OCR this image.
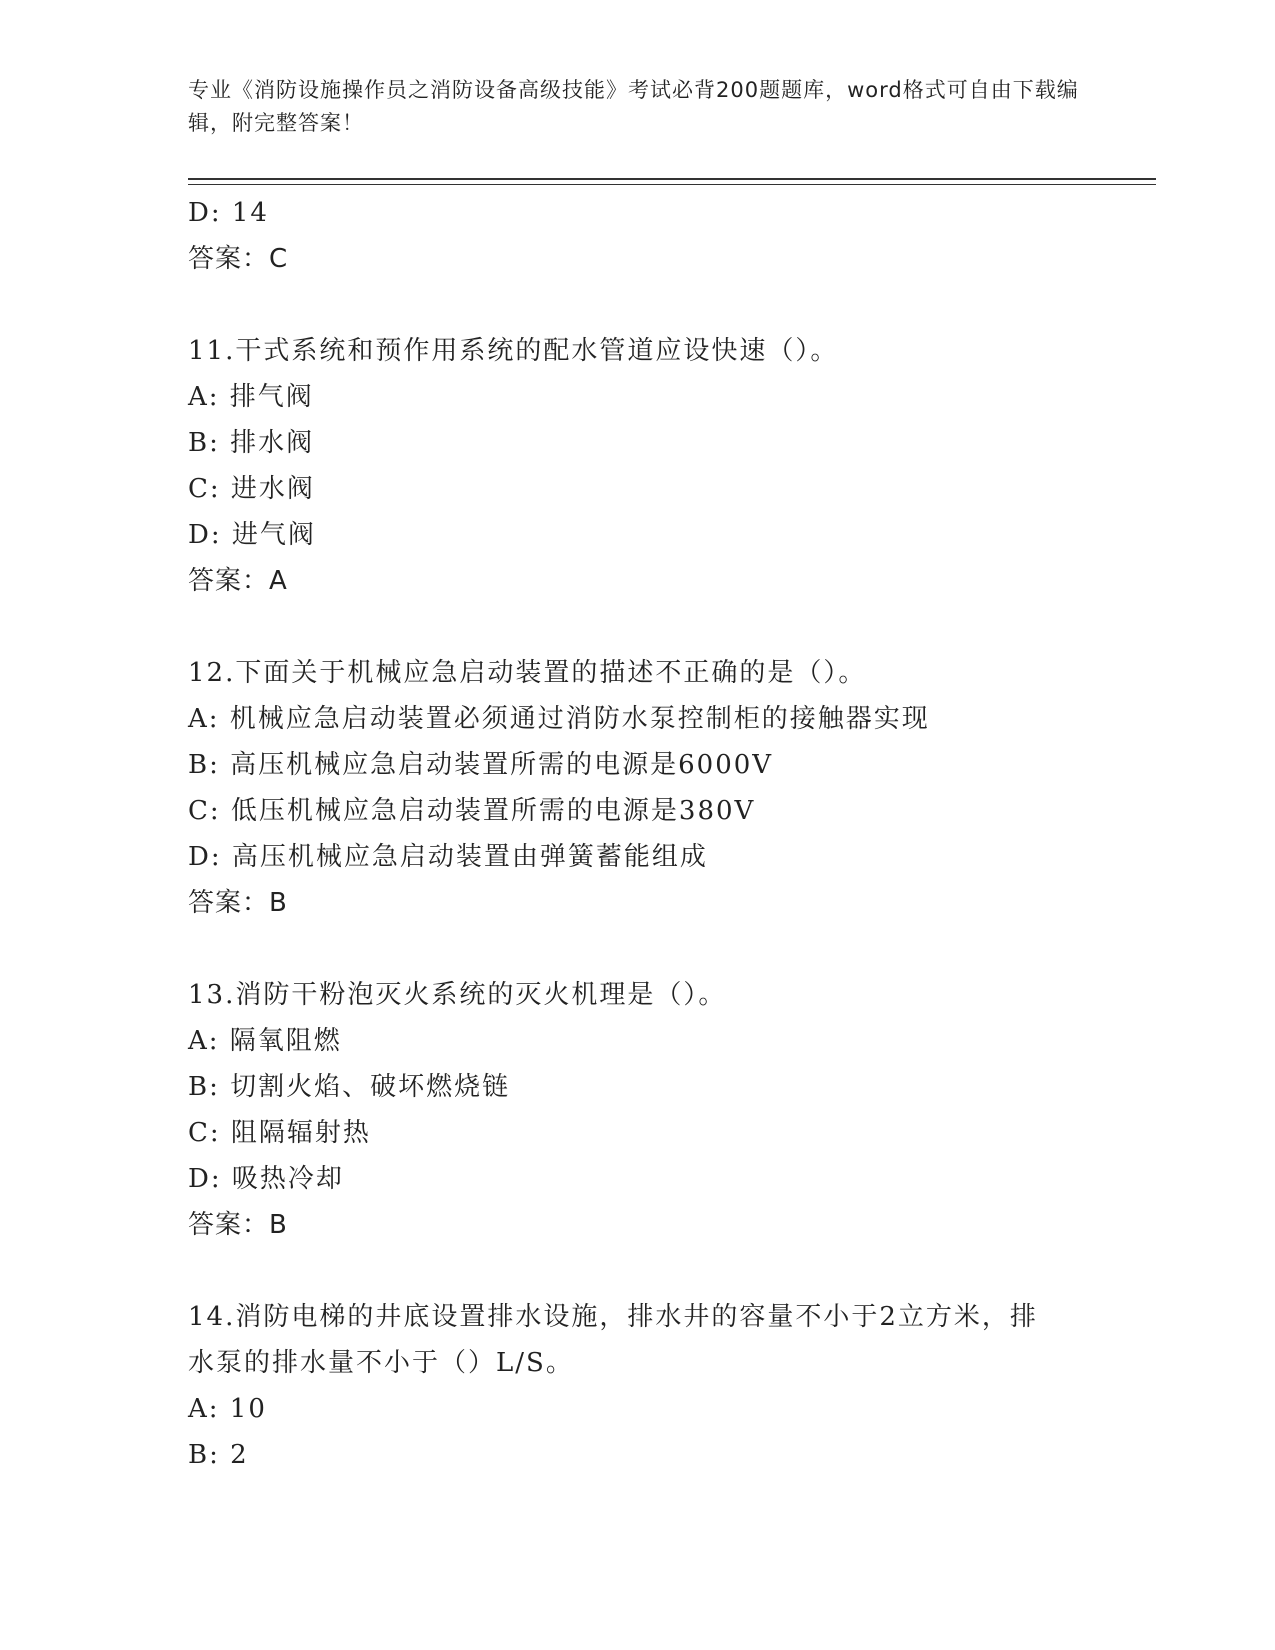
专业《消防设施操作员之消防设备高级技能》考试必背200题题库，word格式可自由下载编辑，附完整答案！
D: 14
答案：C
11.干式系统和预作用系统的配水管道应设快速（）。
A: 排气阀
B: 排水阀
C: 进水阀
D: 进气阀
答案：A
12.下面关于机械应急启动装置的描述不正确的是（）。
A: 机械应急启动装置必须通过消防水泵控制柜的接触器实现
B: 高压机械应急启动装置所需的电源是6000V
C: 低压机械应急启动装置所需的电源是380V
D: 高压机械应急启动装置由弹簧蓄能组成
答案：B
13.消防干粉泡灭火系统的灭火机理是（）。
A: 隔氧阻燃
B: 切割火焰、破坏燃烧链
C: 阻隔辐射热
D: 吸热冷却
答案：B
14.消防电梯的井底设置排水设施，排水井的容量不小于2立方米，排
水泵的排水量不小于（）L/S。
A: 10
B: 2
